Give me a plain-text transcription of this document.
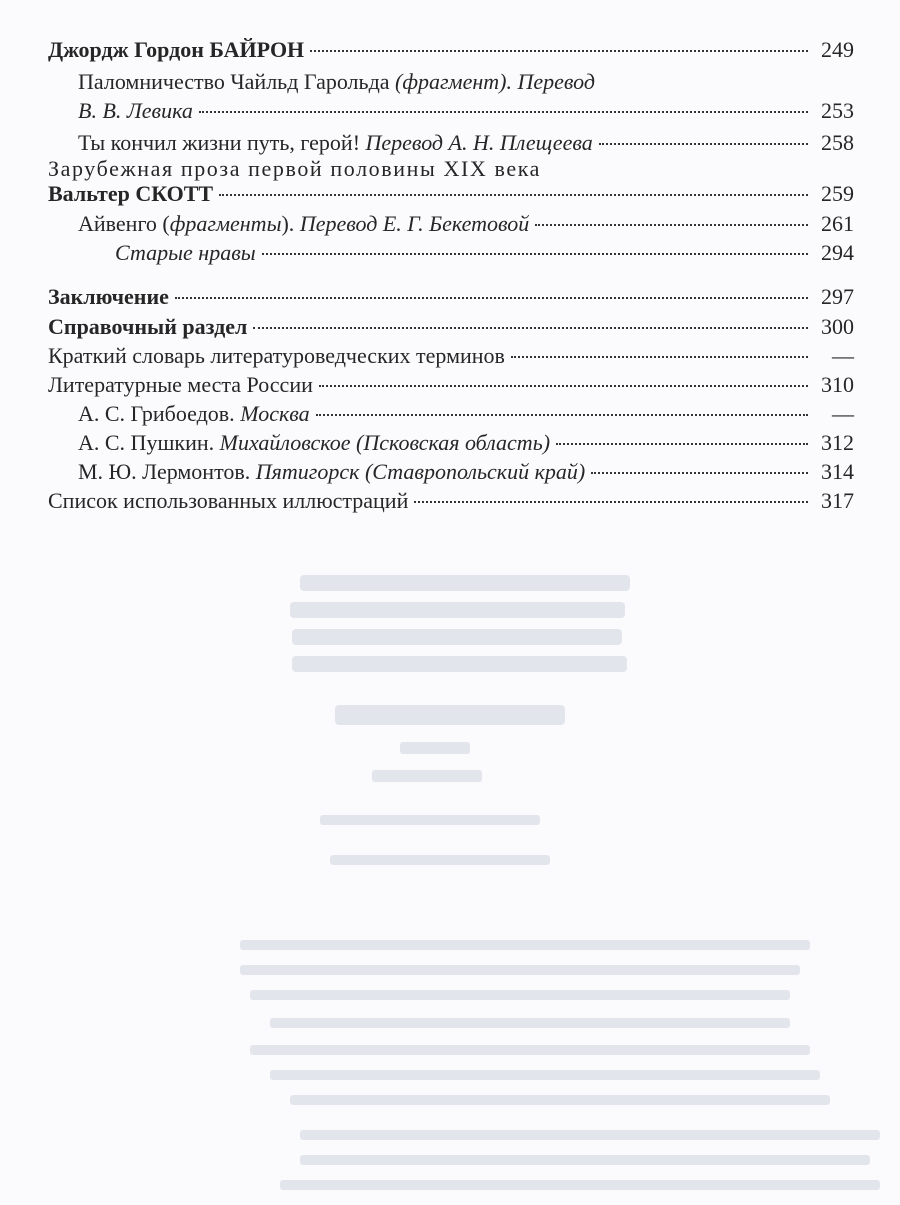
Джордж Гордон БАЙРОН	249
Паломничество Чайльд Гарольда
(фрагмент). Перевод
В. В. Левика	253
Ты кончил жизни путь, герой!
Перевод А. Н. Плещеева	258
Зарубежная проза первой половины XIX века
Вальтер СКОТТ	259
Айвенго ( фрагменты ).
Перевод Е. Г. Бекетовой	261
Старые нравы	294
Заключение	297
Справочный раздел	300
Краткий словарь литературоведческих терминов	—
Литературные места России	310
А. С. Грибоедов.
Москва	—
А. С. Пушкин.
Михайловское (Псковская область)	312
М. Ю. Лермонтов.
Пятигорск (Ставропольский край)	314
Список использованных иллюстраций	317
